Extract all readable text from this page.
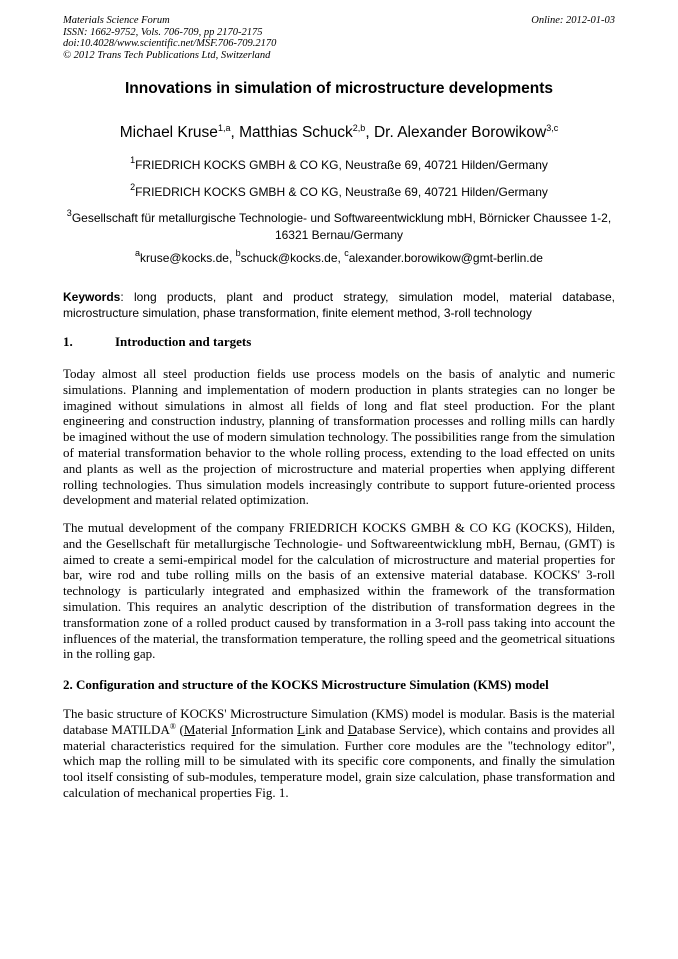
Materials Science Forum
ISSN: 1662-9752, Vols. 706-709, pp 2170-2175
doi:10.4028/www.scientific.net/MSF.706-709.2170
© 2012 Trans Tech Publications Ltd, Switzerland
Online: 2012-01-03
Innovations in simulation of microstructure developments
Michael Kruse$^{1,a}$, Matthias Schuck$^{2,b}$, Dr. Alexander Borowikow$^{3,c}$
$^1$FRIEDRICH KOCKS GMBH & CO KG, Neustraße 69, 40721 Hilden/Germany
$^2$FRIEDRICH KOCKS GMBH & CO KG, Neustraße 69, 40721 Hilden/Germany
$^3$Gesellschaft für metallurgische Technologie- und Softwareentwicklung mbH, Börnicker Chaussee 1-2, 16321 Bernau/Germany
$^a$kruse@kocks.de, $^b$schuck@kocks.de, $^c$alexander.borowikow@gmt-berlin.de
Keywords: long products, plant and product strategy, simulation model, material database, microstructure simulation, phase transformation, finite element method, 3-roll technology
1.	Introduction and targets
Today almost all steel production fields use process models on the basis of analytic and numeric simulations. Planning and implementation of modern production in plants strategies can no longer be imagined without simulations in almost all fields of long and flat steel production. For the plant engineering and construction industry, planning of transformation processes and rolling mills can hardly be imagined without the use of modern simulation technology. The possibilities range from the simulation of material transformation behavior to the whole rolling process, extending to the load effected on units and plants as well as the projection of microstructure and material properties when applying different rolling technologies. Thus simulation models increasingly contribute to support future-oriented process development and material related optimization.
The mutual development of the company FRIEDRICH KOCKS GMBH & CO KG (KOCKS), Hilden, and the Gesellschaft für metallurgische Technologie- und Softwareentwicklung mbH, Bernau, (GMT) is aimed to create a semi-empirical model for the calculation of microstructure and material properties for bar, wire rod and tube rolling mills on the basis of an extensive material database. KOCKS' 3-roll technology is particularly integrated and emphasized within the framework of the transformation simulation. This requires an analytic description of the distribution of transformation degrees in the transformation zone of a rolled product caused by transformation in a 3-roll pass taking into account the influences of the material, the transformation temperature, the rolling speed and the geometrical situations in the rolling gap.
2. Configuration and structure of the KOCKS Microstructure Simulation (KMS) model
The basic structure of KOCKS' Microstructure Simulation (KMS) model is modular. Basis is the material database MATILDA® (Material Information Link and Database Service), which contains and provides all material characteristics required for the simulation. Further core modules are the "technology editor", which map the rolling mill to be simulated with its specific core components, and finally the simulation tool itself consisting of sub-modules, temperature model, grain size calculation, phase transformation and calculation of mechanical properties Fig. 1.
